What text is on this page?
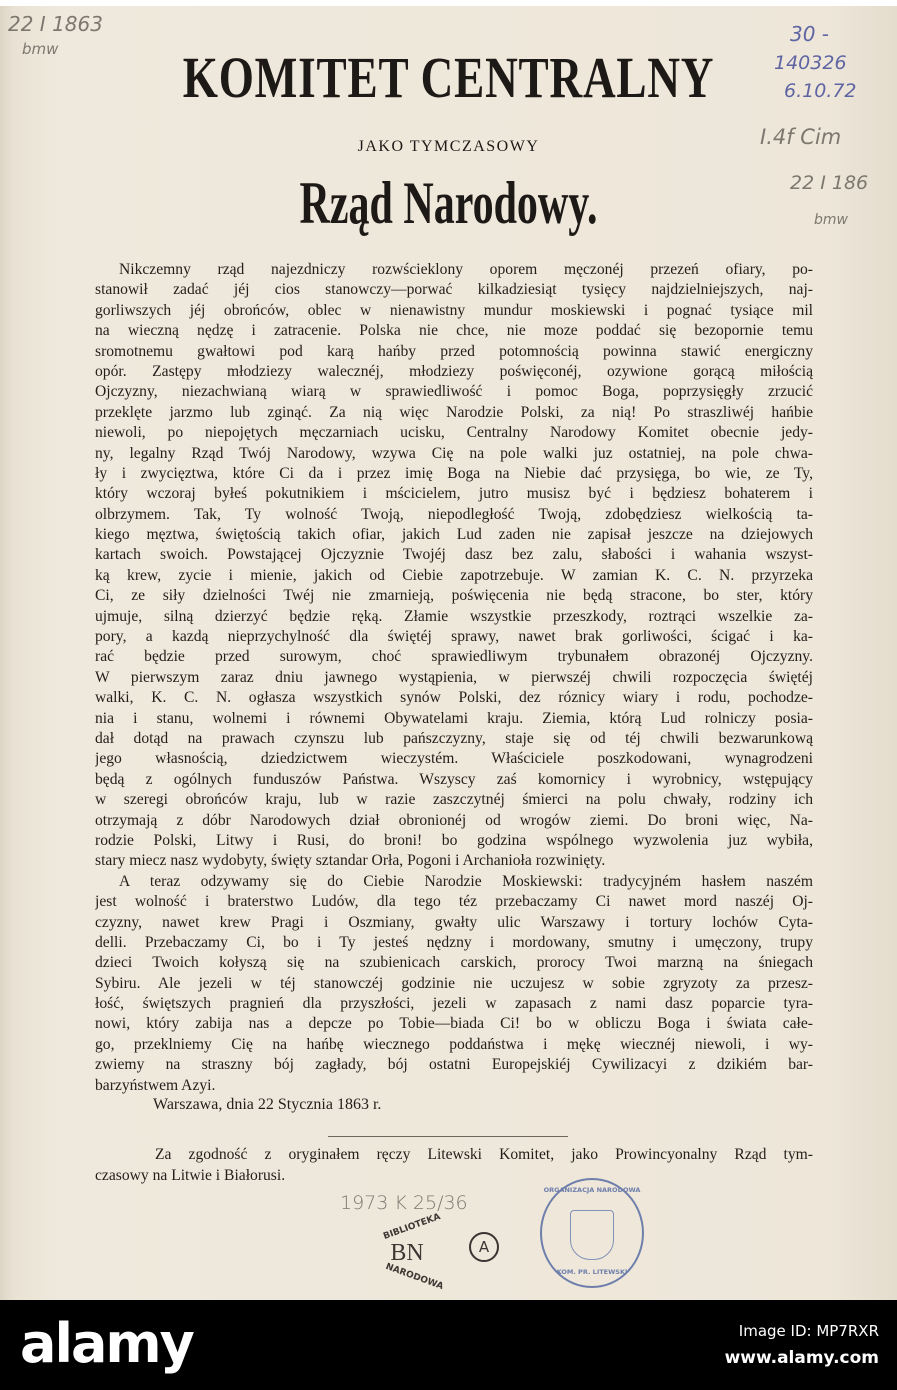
KOMITET CENTRALNY
JAKO TYMCZASOWY
Rząd Narodowy.
22 I 1863
bmw
30 -
140326
6.10.72
I.4f Cim
22 I 186
bmw
Nikczemny rząd najezdniczy rozwścieklony oporem męczonéj przezeń ofiary, po-
stanowił zadać jéj cios stanowczy—porwać kilkadziesiąt tysięcy najdzielniejszych, naj-
gorliwszych jéj obrońców, oblec w nienawistny mundur moskiewski i pognać tysiące mil
na wieczną nędzę i zatracenie. Polska nie chce, nie moze poddać się bezopornie temu
sromotnemu gwałtowi pod karą hańby przed potomnością powinna stawić energiczny
opór. Zastępy młodziezy walecznéj, młodziezy poświęconéj, ozywione gorącą miłością
Ojczyzny, niezachwianą wiarą w sprawiedliwość i pomoc Boga, poprzysięgły zrzucić
przeklęte jarzmo lub zginąć. Za nią więc Narodzie Polski, za nią! Po straszliwéj hańbie
niewoli, po niepojętych męczarniach ucisku, Centralny Narodowy Komitet obecnie jedy-
ny, legalny Rząd Twój Narodowy, wzywa Cię na pole walki juz ostatniej, na pole chwa-
ły i zwycięztwa, które Ci da i przez imię Boga na Niebie dać przysięga, bo wie, ze Ty,
który wczoraj byłeś pokutnikiem i mścicielem, jutro musisz być i będziesz bohaterem i
olbrzymem. Tak, Ty wolność Twoją, niepodległość Twoją, zdobędziesz wielkością ta-
kiego męztwa, świętością takich ofiar, jakich Lud zaden nie zapisał jeszcze na dziejowych
kartach swoich. Powstającej Ojczyznie Twojéj dasz bez zalu, słabości i wahania wszyst-
ką krew, zycie i mienie, jakich od Ciebie zapotrzebuje. W zamian K. C. N. przyrzeka
Ci, ze siły dzielności Twéj nie zmarnieją, poświęcenia nie będą stracone, bo ster, który
ujmuje, silną dzierzyć będzie ręką. Złamie wszystkie przeszkody, roztrąci wszelkie za-
pory, a kazdą nieprzychylność dla świętéj sprawy, nawet brak gorliwości, ścigać i ka-
rać będzie przed surowym, choć sprawiedliwym trybunałem obrazonéj Ojczyzny.
W pierwszym zaraz dniu jawnego wystąpienia, w pierwszéj chwili rozpoczęcia świętéj
walki, K. C. N. ogłasza wszystkich synów Polski, dez róznicy wiary i rodu, pochodze-
nia i stanu, wolnemi i równemi Obywatelami kraju. Ziemia, którą Lud rolniczy posia-
dał dotąd na prawach czynszu lub pańszczyzny, staje się od téj chwili bezwarunkową
jego własnością, dziedzictwem wieczystém. Właściciele poszkodowani, wynagrodzeni
będą z ogólnych funduszów Państwa. Wszyscy zaś komornicy i wyrobnicy, wstępujący
w szeregi obrońców kraju, lub w razie zaszczytnéj śmierci na polu chwały, rodziny ich
otrzymają z dóbr Narodowych dział obronionéj od wrogów ziemi. Do broni więc, Na-
rodzie Polski, Litwy i Rusi, do broni! bo godzina wspólnego wyzwolenia juz wybiła,
stary miecz nasz wydobyty, święty sztandar Orła, Pogoni i Archanioła rozwinięty.
A teraz odzywamy się do Ciebie Narodzie Moskiewski: tradycyjném hasłem naszém
jest wolność i braterstwo Ludów, dla tego téz przebaczamy Ci nawet mord naszéj Oj-
czyzny, nawet krew Pragi i Oszmiany, gwałty ulic Warszawy i tortury lochów Cyta-
delli. Przebaczamy Ci, bo i Ty jesteś nędzny i mordowany, smutny i umęczony, trupy
dzieci Twoich kołyszą się na szubienicach carskich, prorocy Twoi marzną na śniegach
Sybiru. Ale jezeli w téj stanowczéj godzinie nie uczujesz w sobie zgryzoty za przesz-
łość, świętszych pragnień dla przyszłości, jezeli w zapasach z nami dasz poparcie tyra-
nowi, który zabija nas a depcze po Tobie—biada Ci! bo w obliczu Boga i świata całe-
go, przeklniemy Cię na hańbę wiecznego poddaństwa i mękę wiecznéj niewoli, i wy-
zwiemy na straszny bój zagłady, bój ostatni Europejskiéj Cywilizacyi z dzikiém bar-
barzyństwem Azyi.
Warszawa, dnia 22 Stycznia 1863 r.
Za zgodność z oryginałem ręczy Litewski Komitet, jako Prowincyonalny Rząd tym-
czasowy na Litwie i Białorusi.
1973 K 25/36
BIBLIOTEKA
BN
NARODOWA
A
ORGANIZACJA NARODOWA
KOM. PR. LITEWSKI
alamy	Image ID: MP7RXR
www.alamy.com
